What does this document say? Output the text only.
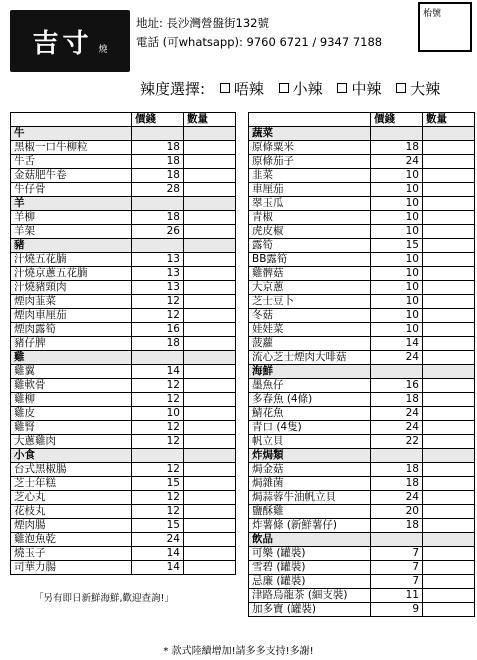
吉寸 燒
地址: 長沙灣營盤街132號
電話 (可whatsapp): 9760 6721 / 9347 7188
枱號
辣度選擇: 唔辣 小辣 中辣 大辣
	價錢	數量
牛		
黑椒一口牛柳粒	18	
牛舌	18	
金菇肥牛卷	18	
牛仔骨	28	
羊		
羊柳	18	
羊架	26	
豬		
汁燒五花腩	13	
汁燒京蔥五花腩	13	
汁燒豬頸肉	13	
煙肉韮菜	12	
煙肉車厘茄	12	
煙肉露筍	16	
豬仔脾	18	
雞		
雞翼	14	
雞軟骨	12	
雞柳	12	
雞皮	10	
雞腎	12	
大蔥雞肉	12	
小食		
台式黑椒腸	12	
芝士年糕	15	
芝心丸	12	
花枝丸	12	
煙肉腸	15	
雞泡魚乾	24	
燒玉子	14	
司華力腸	14	
	價錢	數量
蔬菜		
原條粟米	18	
原條茄子	24	
韭菜	10	
車厘茄	10	
翠玉瓜	10	
青椒	10	
虎皮椒	10	
露筍	15	
BB露筍	10	
雞髀菇	10	
大京蔥	10	
芝士豆卜	10	
冬菇	10	
娃娃菜	10	
菠蘿	14	
流心芝士煙肉大啡菇	24	
海鮮		
墨魚仔	16	
多春魚 (4條)	18	
鯖花魚	24	
青口 (4隻)	24	
帆立貝	22	
炸焗類		
焗金菇	18	
焗雜菌	18	
焗蒜蓉牛油帆立貝	24	
鹽酥雞	20	
炸薯條 (新鮮薯仔)	18	
飲品		
可樂 (罐裝)	7	
雪碧 (罐裝)	7	
忌廉 (罐裝)	7	
津路烏龍茶 (細支裝)	11	
加多寶 (罐裝)	9	
「另有即日新鮮海鮮,歡迎查詢!」
* 款式陸續增加!請多多支持!多謝!
